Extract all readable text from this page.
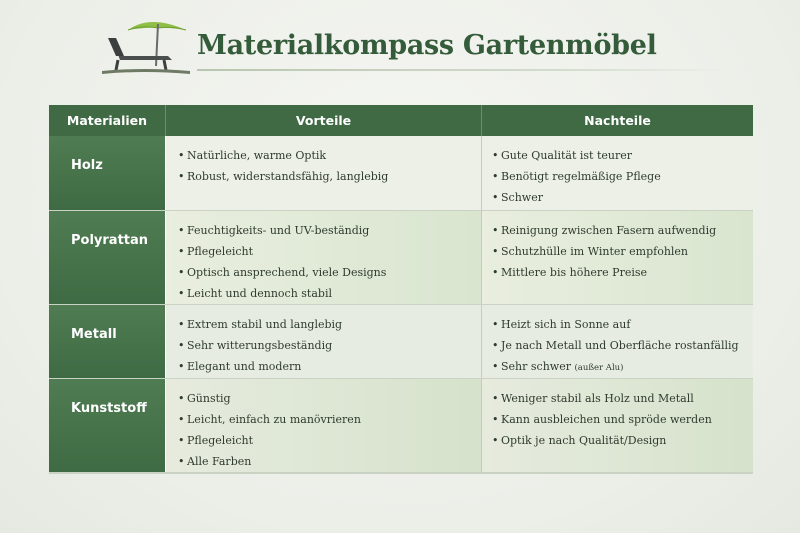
Materialkompass Gartenmöbel
Materialien	Vorteile	Nachteile
Holz
• Natürliche, warme Optik
• Robust, widerstandsfähig, langlebig
• Gute Qualität ist teurer
• Benötigt regelmäßige Pflege
• Schwer
Polyrattan
• Feuchtigkeits- und UV-beständig
• Pflegeleicht
• Optisch ansprechend, viele Designs
• Leicht und dennoch stabil
• Reinigung zwischen Fasern aufwendig
• Schutzhülle im Winter empfohlen
• Mittlere bis höhere Preise
Metall
• Extrem stabil und langlebig
• Sehr witterungsbeständig
• Elegant und modern
• Heizt sich in Sonne auf
• Je nach Metall und Oberfläche rostanfällig
• Sehr schwer (außer Alu)
Kunststoff
• Günstig
• Leicht, einfach zu manövrieren
• Pflegeleicht
• Alle Farben
• Weniger stabil als Holz und Metall
• Kann ausbleichen und spröde werden
• Optik je nach Qualität/Design
